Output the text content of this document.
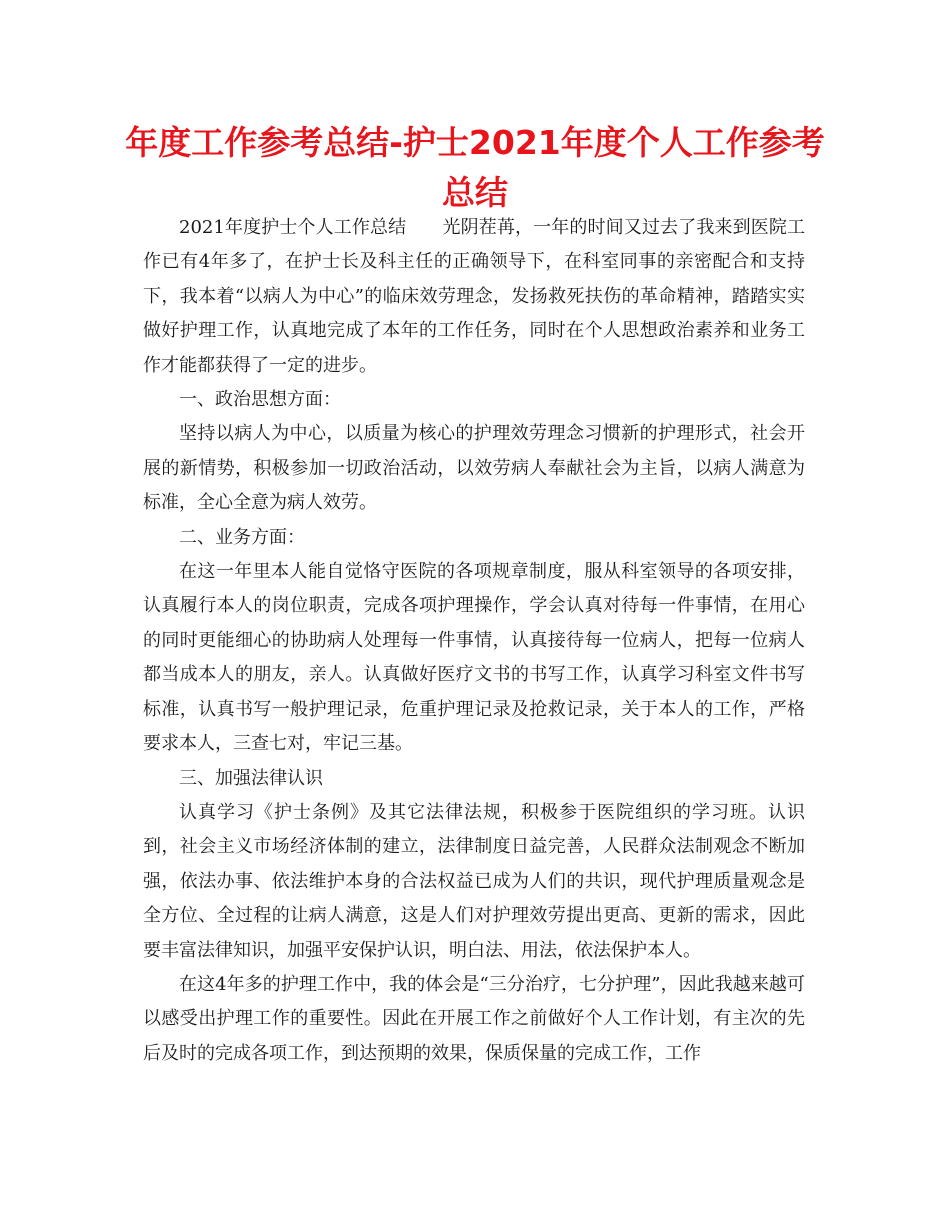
年度工作参考总结-护士2021年度个人工作参考总结

2021年度护士个人工作总结　　光阴茬苒，一年的时间又过去了我来到医院工作已有4年多了，在护士长及科主任的正确领导下，在科室同事的亲密配合和支持下，我本着“以病人为中心”的临床效劳理念，发扬救死扶伤的革命精神，踏踏实实做好护理工作，认真地完成了本年的工作任务，同时在个人思想政治素养和业务工作才能都获得了一定的进步。

一、政治思想方面：

坚持以病人为中心，以质量为核心的护理效劳理念习惯新的护理形式，社会开展的新情势，积极参加一切政治活动，以效劳病人奉献社会为主旨，以病人满意为标准，全心全意为病人效劳。

二、业务方面：

在这一年里本人能自觉恪守医院的各项规章制度，服从科室领导的各项安排，认真履行本人的岗位职责，完成各项护理操作，学会认真对待每一件事情，在用心的同时更能细心的协助病人处理每一件事情，认真接待每一位病人，把每一位病人都当成本人的朋友，亲人。认真做好医疗文书的书写工作，认真学习科室文件书写标准，认真书写一般护理记录，危重护理记录及抢救记录，关于本人的工作，严格要求本人，三查七对，牢记三基。

三、加强法律认识

认真学习《护士条例》及其它法律法规，积极参于医院组织的学习班。认识到，社会主义市场经济体制的建立，法律制度日益完善，人民群众法制观念不断加强，依法办事、依法维护本身的合法权益已成为人们的共识，现代护理质量观念是全方位、全过程的让病人满意，这是人们对护理效劳提出更高、更新的需求，因此要丰富法律知识，加强平安保护认识，明白法、用法，依法保护本人。

在这4年多的护理工作中，我的体会是“三分治疗，七分护理”，因此我越来越可以感受出护理工作的重要性。因此在开展工作之前做好个人工作计划，有主次的先后及时的完成各项工作，到达预期的效果，保质保量的完成工作，工作
